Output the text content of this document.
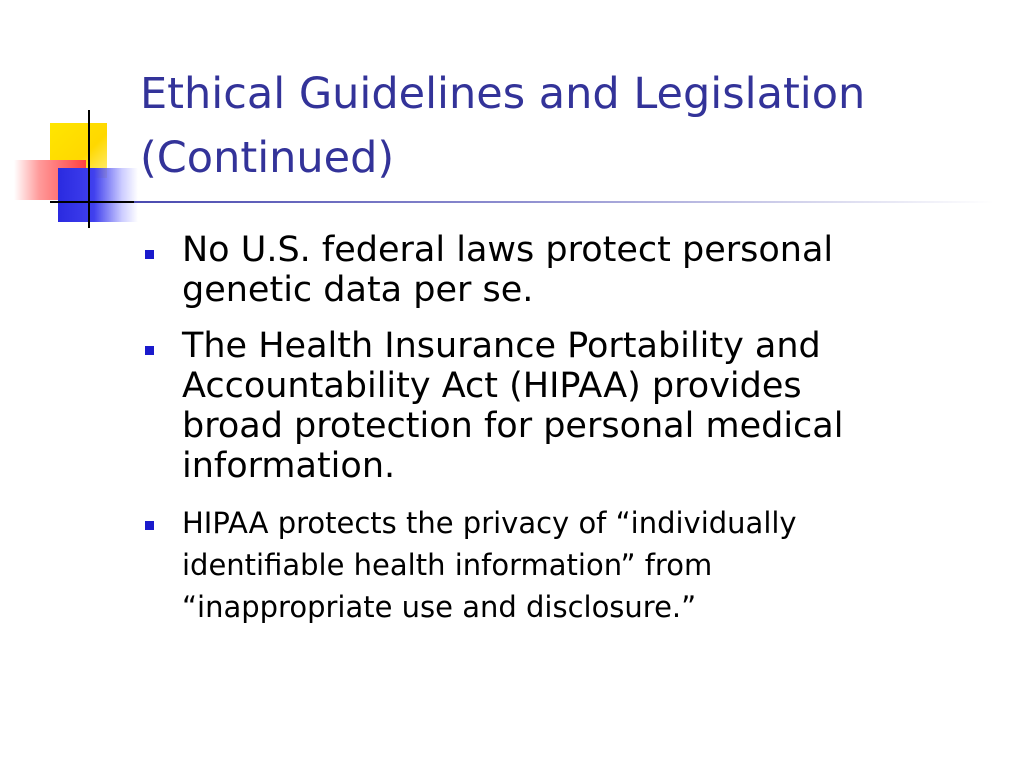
Ethical Guidelines and Legislation
(Continued)
No U.S. federal laws protect personal
genetic data per se.
The Health Insurance Portability and
Accountability Act (HIPAA) provides
broad protection for personal medical
information.
HIPAA protects the privacy of “individually
identifiable health information” from
“inappropriate use and disclosure.”
